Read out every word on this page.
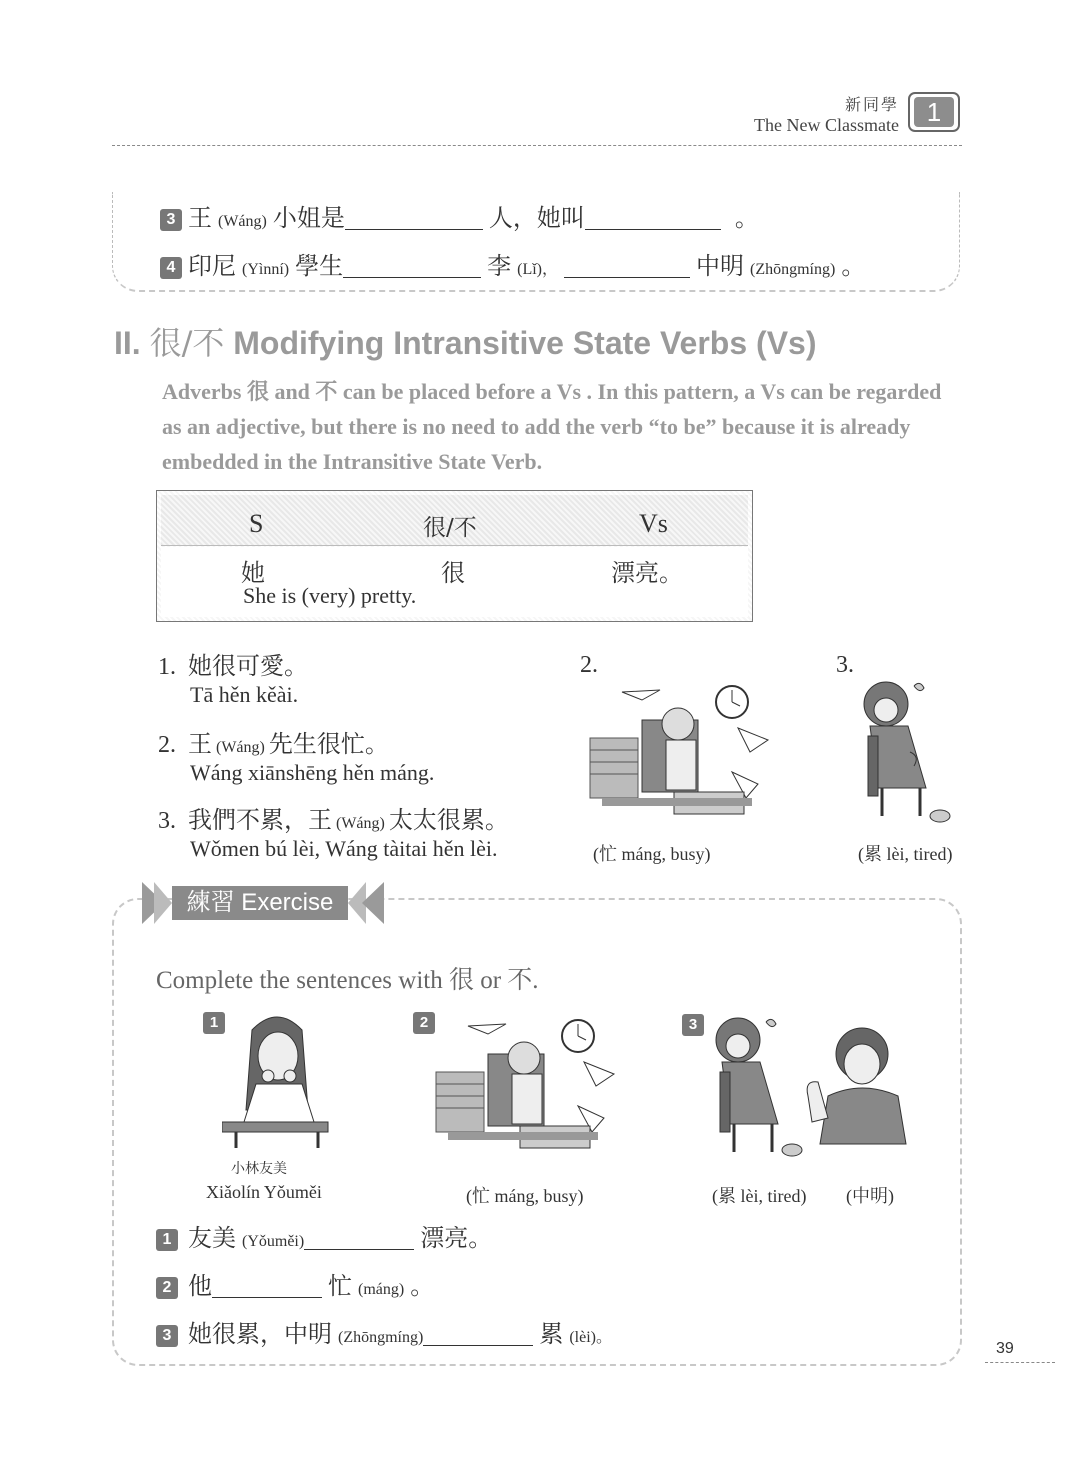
新同學
The New Classmate	1
3 王 (Wáng) 小姐是	人，她叫	。
4 印尼 (Yìnní) 學生	李 (Lǐ)，	中明 (Zhōngmíng) 。
II. 很/不 Modifying Intransitive State Verbs (Vs)
Adverbs 很 and 不 can be placed before a Vs . In this pattern, a Vs can be regarded as an adjective, but there is no need to add the verb “to be” because it is already embedded in the Intransitive State Verb.
S	很/不	Vs
她	很	漂亮。
She is (very) pretty.
1. 她很可愛。
Tā hěn kěài.
2. 王 (Wáng) 先生很忙。
Wáng xiānshēng hěn máng.
3. 我們不累，王 (Wáng) 太太很累。
Wǒmen bú lèi, Wáng tàitai hěn lèi.
2.
(忙 máng, busy)
3.
(累 lèi, tired)
練習 Exercise
Complete the sentences with 很 or 不.
1
小林友美
Xiǎolín Yǒuměi
2
(忙 máng, busy)
3
(累 lèi, tired) (中明)
1 友美 (Yǒuměi)	漂亮。
2 他	忙 (máng) 。
3 她很累，中明 (Zhōngmíng)	累 (lèi)。
39
